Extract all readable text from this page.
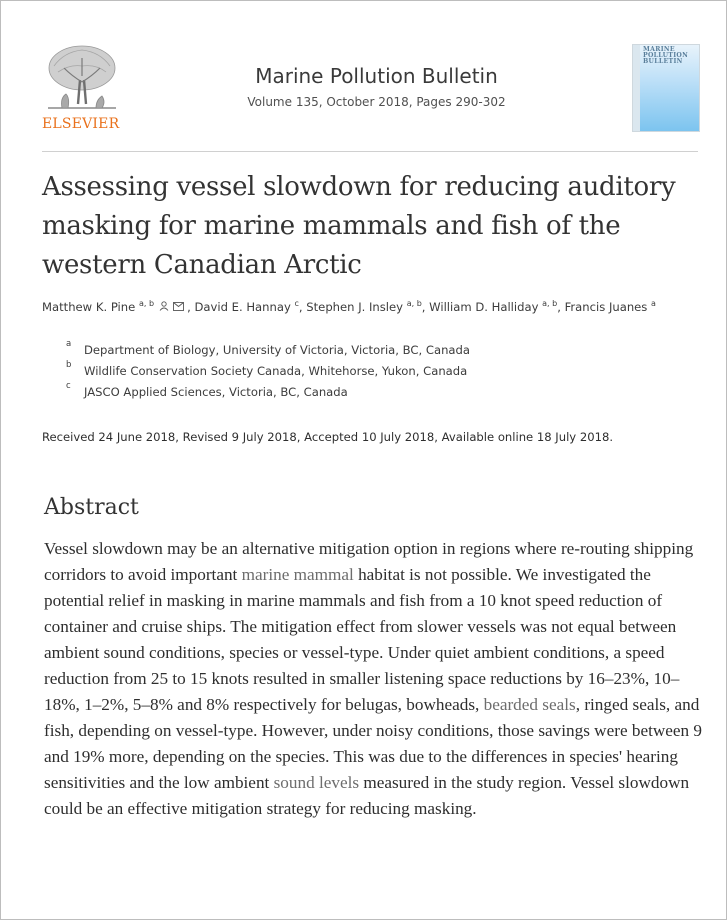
ELSEVIER
Marine Pollution Bulletin
Volume 135, October 2018, Pages 290-302
MARINE
POLLUTION
BULLETIN
Assessing vessel slowdown for reducing auditory masking for marine mammals and fish of the western Canadian Arctic
Matthew K. Pine $^{a, b}$	, David E. Hannay $^c$, Stephen J. Insley $^{a, b}$, William D. Halliday $^{a, b}$, Francis Juanes $^a$
a	Department of Biology, University of Victoria, Victoria, BC, Canada
b	Wildlife Conservation Society Canada, Whitehorse, Yukon, Canada
c	JASCO Applied Sciences, Victoria, BC, Canada
Received 24 June 2018, Revised 9 July 2018, Accepted 10 July 2018, Available online 18 July 2018.
Abstract

Vessel slowdown may be an alternative mitigation option in regions where re-routing shipping corridors to avoid important marine mammal habitat is not possible. We investigated the potential relief in masking in marine mammals and fish from a 10 knot speed reduction of container and cruise ships. The mitigation effect from slower vessels was not equal between ambient sound conditions, species or vessel-type. Under quiet ambient conditions, a speed reduction from 25 to 15 knots resulted in smaller listening space reductions by 16–23%, 10–18%, 1–2%, 5–8% and 8% respectively for belugas, bowheads, bearded seals, ringed seals, and fish, depending on vessel-type. However, under noisy conditions, those savings were between 9 and 19% more, depending on the species. This was due to the differences in species' hearing sensitivities and the low ambient sound levels measured in the study region. Vessel slowdown could be an effective mitigation strategy for reducing masking.
